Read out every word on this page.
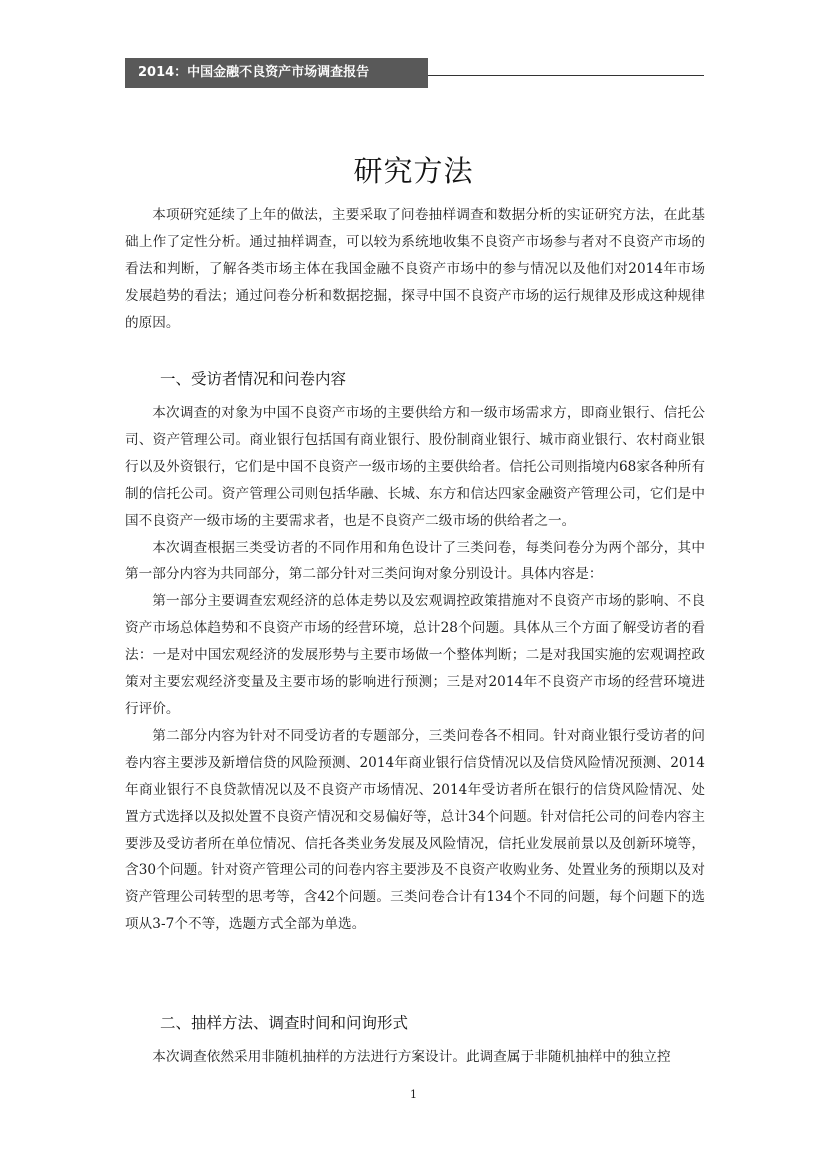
2014：中国金融不良资产市场调查报告
研究方法

本项研究延续了上年的做法，主要采取了问卷抽样调查和数据分析的实证研究方法，在此基础上作了定性分析。通过抽样调查，可以较为系统地收集不良资产市场参与者对不良资产市场的看法和判断，了解各类市场主体在我国金融不良资产市场中的参与情况以及他们对2014年市场发展趋势的看法；通过问卷分析和数据挖掘，探寻中国不良资产市场的运行规律及形成这种规律的原因。

一、受访者情况和问卷内容

本次调查的对象为中国不良资产市场的主要供给方和一级市场需求方，即商业银行、信托公司、资产管理公司。商业银行包括国有商业银行、股份制商业银行、城市商业银行、农村商业银行以及外资银行，它们是中国不良资产一级市场的主要供给者。信托公司则指境内68家各种所有制的信托公司。资产管理公司则包括华融、长城、东方和信达四家金融资产管理公司，它们是中国不良资产一级市场的主要需求者，也是不良资产二级市场的供给者之一。

本次调查根据三类受访者的不同作用和角色设计了三类问卷，每类问卷分为两个部分，其中第一部分内容为共同部分，第二部分针对三类问询对象分别设计。具体内容是：

第一部分主要调查宏观经济的总体走势以及宏观调控政策措施对不良资产市场的影响、不良资产市场总体趋势和不良资产市场的经营环境，总计28个问题。具体从三个方面了解受访者的看法：一是对中国宏观经济的发展形势与主要市场做一个整体判断；二是对我国实施的宏观调控政策对主要宏观经济变量及主要市场的影响进行预测；三是对2014年不良资产市场的经营环境进行评价。

第二部分内容为针对不同受访者的专题部分，三类问卷各不相同。针对商业银行受访者的问卷内容主要涉及新增信贷的风险预测、2014年商业银行信贷情况以及信贷风险情况预测、2014年商业银行不良贷款情况以及不良资产市场情况、2014年受访者所在银行的信贷风险情况、处置方式选择以及拟处置不良资产情况和交易偏好等，总计34个问题。针对信托公司的问卷内容主要涉及受访者所在单位情况、信托各类业务发展及风险情况，信托业发展前景以及创新环境等，含30个问题。针对资产管理公司的问卷内容主要涉及不良资产收购业务、处置业务的预期以及对资产管理公司转型的思考等，含42个问题。三类问卷合计有134个不同的问题，每个问题下的选项从3-7个不等，选题方式全部为单选。

二、抽样方法、调查时间和问询形式

本次调查依然采用非随机抽样的方法进行方案设计。此调查属于非随机抽样中的独立控

1
